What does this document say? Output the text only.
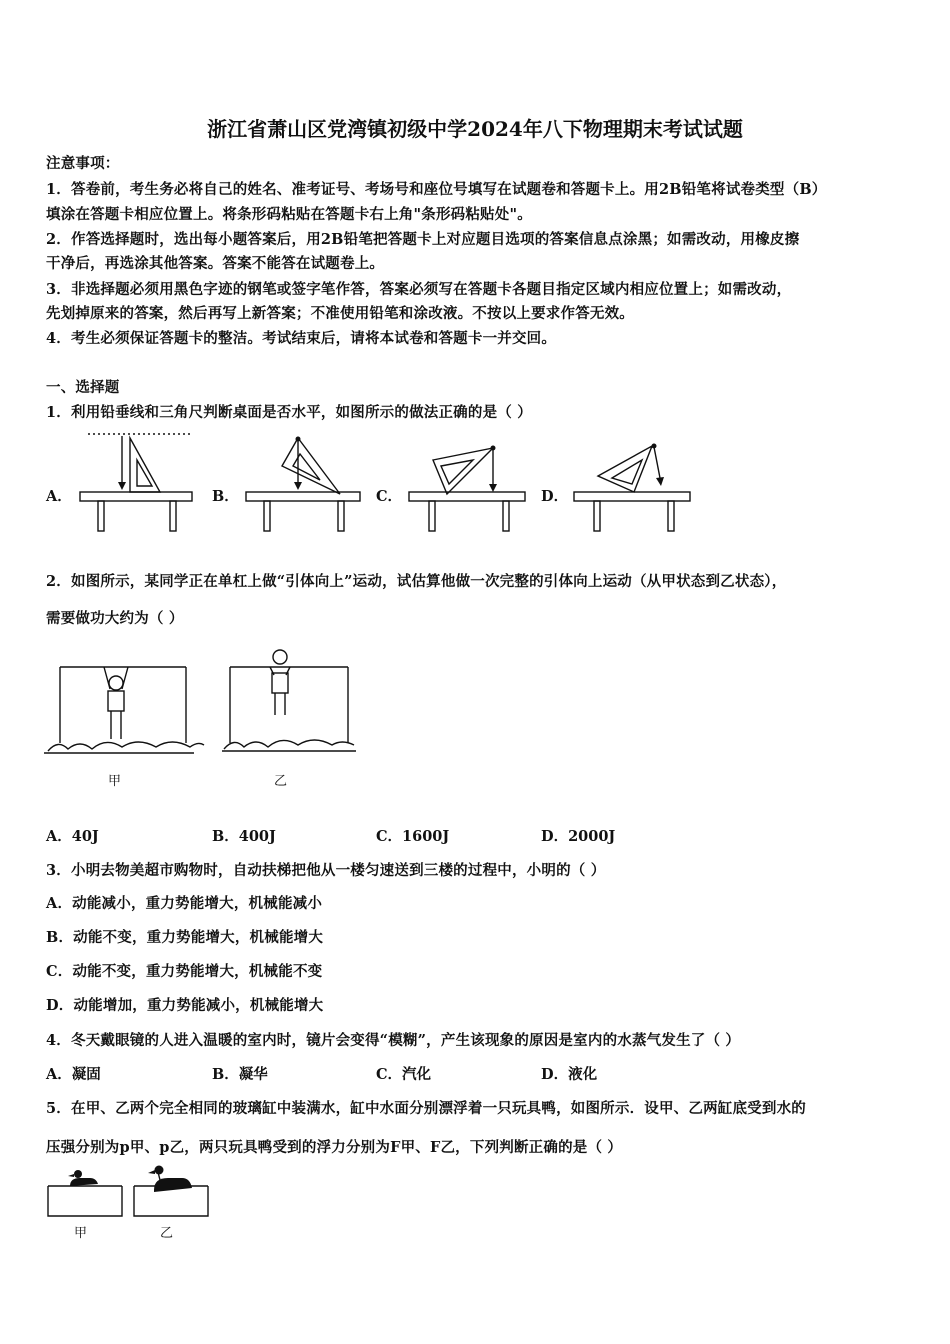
浙江省萧山区党湾镇初级中学2024年八下物理期末考试试题
注意事项：
1．答卷前，考生务必将自己的姓名、准考证号、考场号和座位号填写在试题卷和答题卡上。用2B铅笔将试卷类型（B）
填涂在答题卡相应位置上。将条形码粘贴在答题卡右上角"条形码粘贴处"。
2．作答选择题时，选出每小题答案后，用2B铅笔把答题卡上对应题目选项的答案信息点涂黑；如需改动，用橡皮擦
干净后，再选涂其他答案。答案不能答在试题卷上。
3．非选择题必须用黑色字迹的钢笔或签字笔作答，答案必须写在答题卡各题目指定区域内相应位置上；如需改动，
先划掉原来的答案，然后再写上新答案；不准使用铅笔和涂改液。不按以上要求作答无效。
4．考生必须保证答题卡的整洁。考试结束后，请将本试卷和答题卡一并交回。
一、选择题
1．利用铅垂线和三角尺判断桌面是否水平，如图所示的做法正确的是（ ）
A．	B．	C．	D．
2．如图所示，某同学正在单杠上做“引体向上”运动，试估算他做一次完整的引体向上运动（从甲状态到乙状态），
需要做功大约为（ ）
甲	乙
A．40J	B．400J	C．1600J	D．2000J
3．小明去物美超市购物时，自动扶梯把他从一楼匀速送到三楼的过程中，小明的（ ）
A．动能减小，重力势能增大，机械能减小
B．动能不变，重力势能增大，机械能增大
C．动能不变，重力势能增大，机械能不变
D．动能增加，重力势能减小，机械能增大
4．冬天戴眼镜的人进入温暖的室内时，镜片会变得“模糊”，产生该现象的原因是室内的水蒸气发生了（ ）
A．凝固	B．凝华	C．汽化	D．液化
5．在甲、乙两个完全相同的玻璃缸中装满水，缸中水面分别漂浮着一只玩具鸭，如图所示．设甲、乙两缸底受到水的
压强分别为p甲、p乙，两只玩具鸭受到的浮力分别为F甲、F乙，下列判断正确的是（ ）
甲	乙
